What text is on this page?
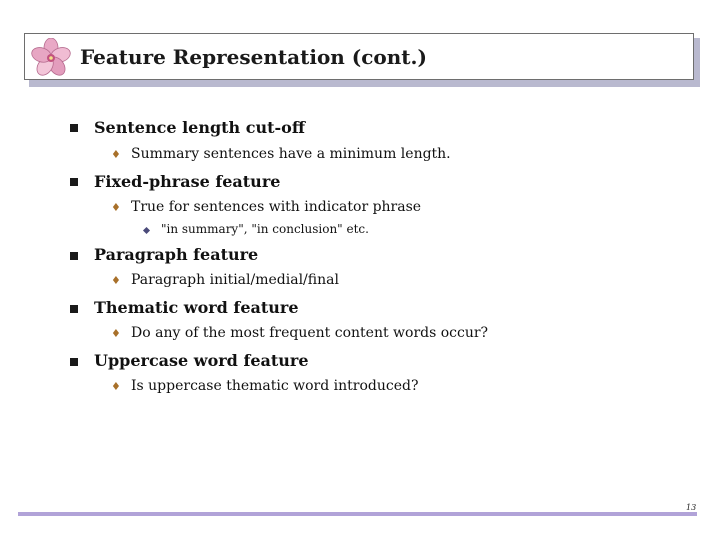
Feature Representation (cont.)
Sentence length cut-off
♦ Summary sentences have a minimum length.
Fixed-phrase feature
♦ True for sentences with indicator phrase
"in summary", "in conclusion" etc.
Paragraph feature
♦ Paragraph initial/medial/final
Thematic word feature
♦ Do any of the most frequent content words occur?
Uppercase word feature
♦ Is uppercase thematic word introduced?
13
